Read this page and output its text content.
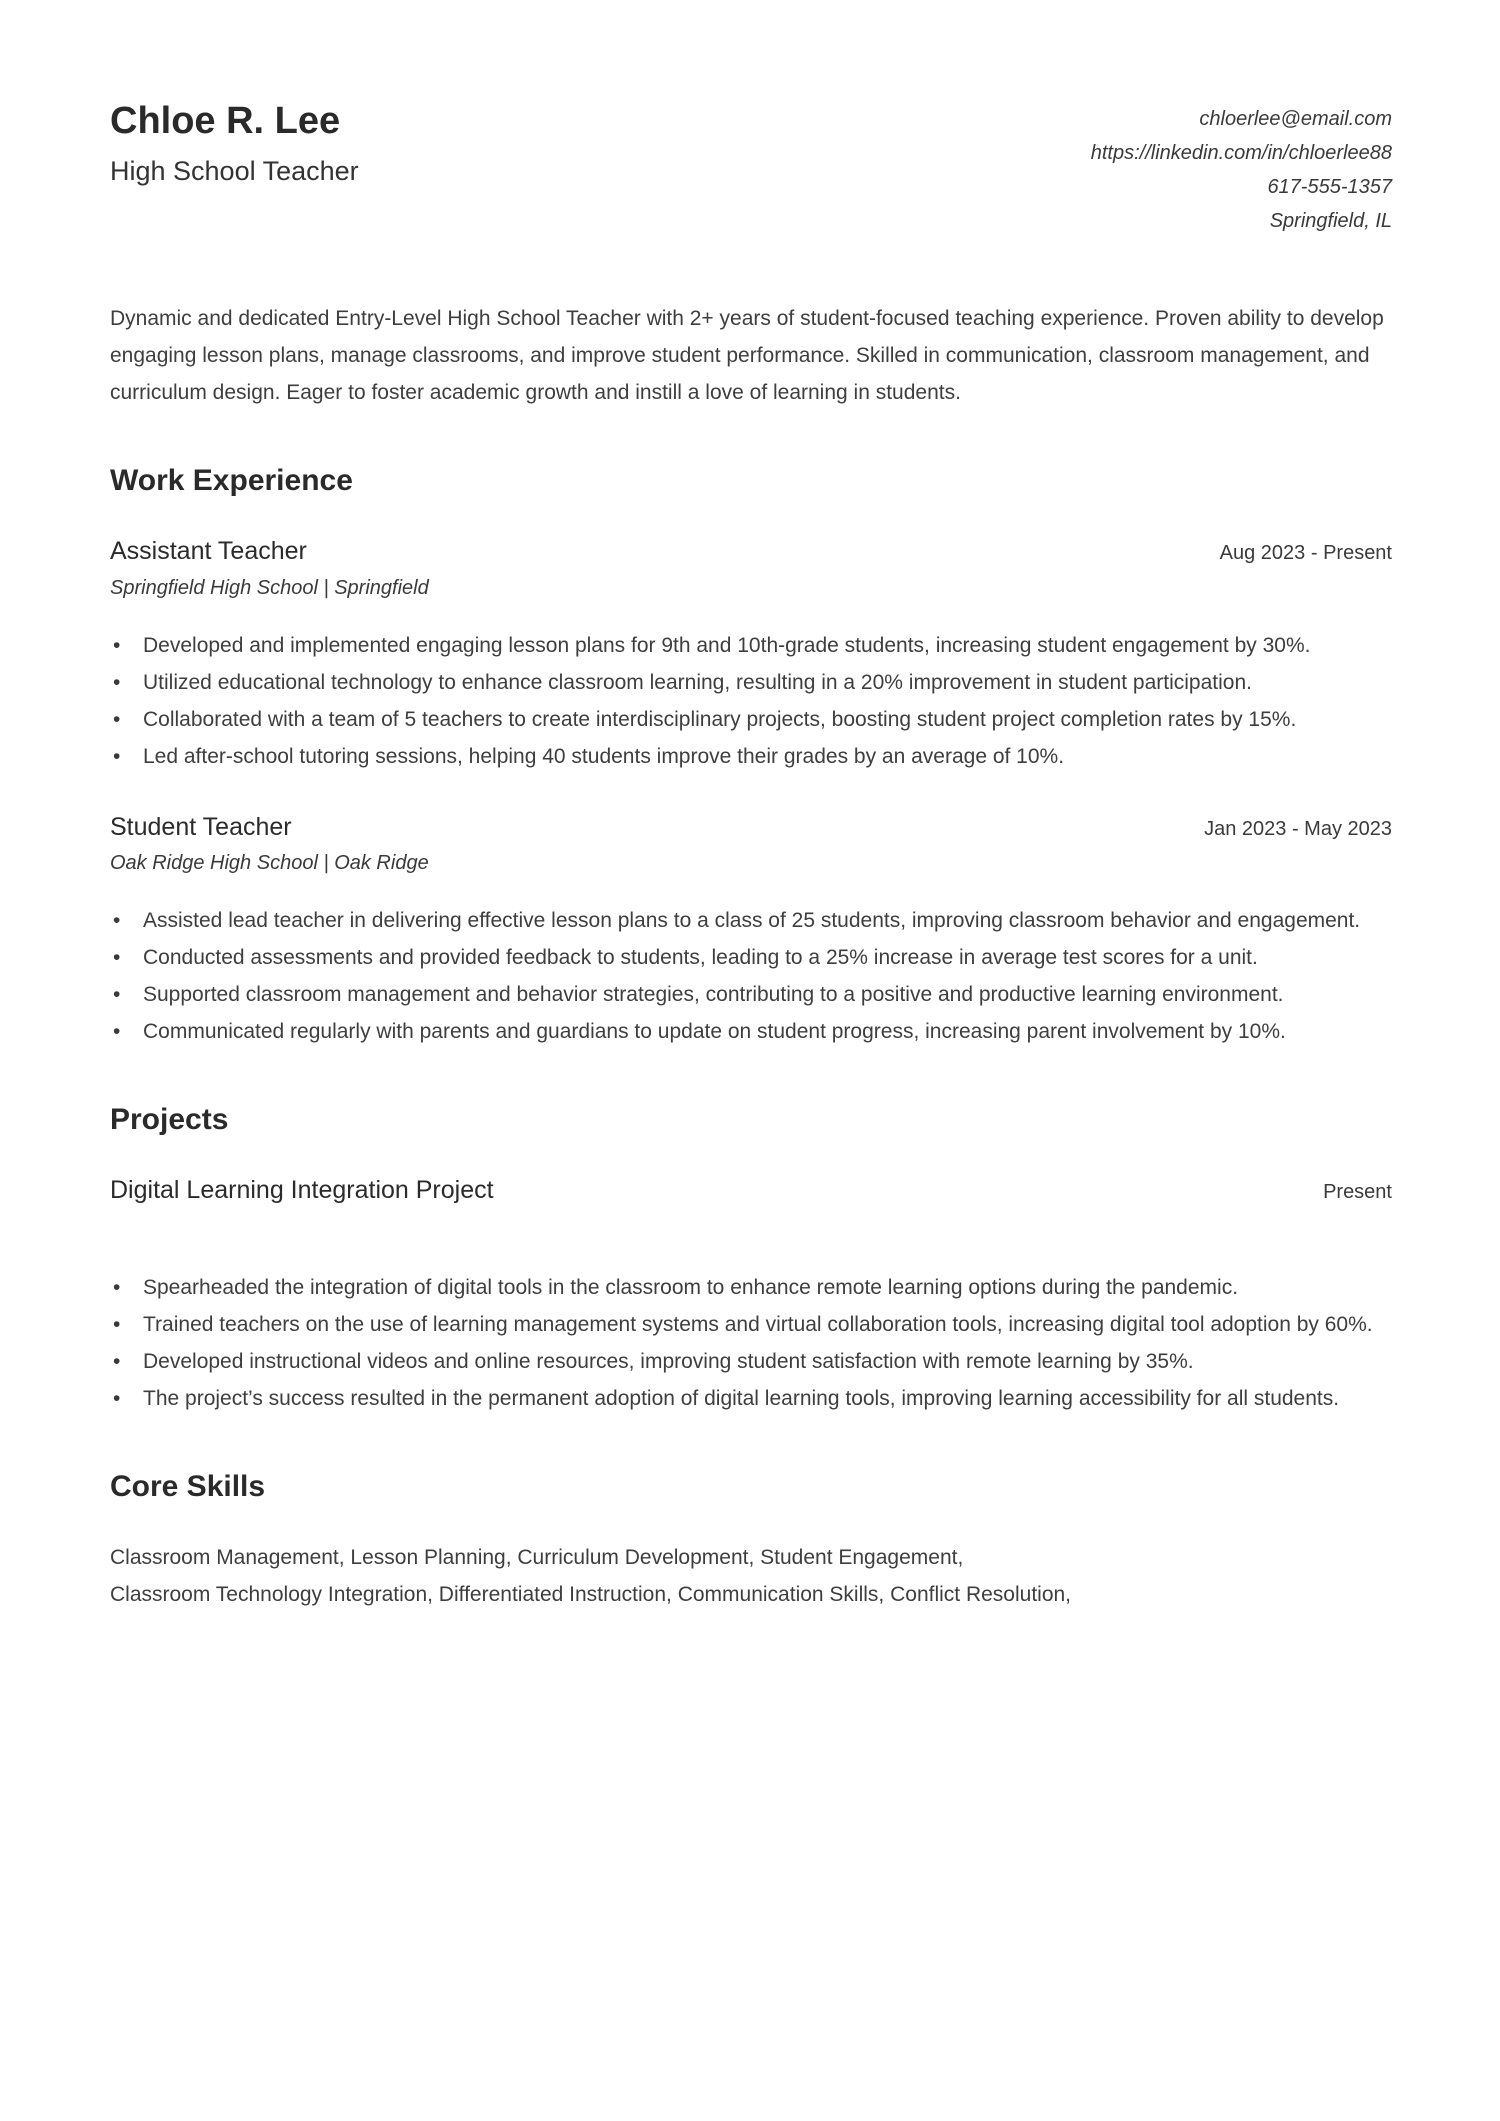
Chloe R. Lee
High School Teacher
chloerlee@email.com
https://linkedin.com/in/chloerlee88
617-555-1357
Springfield, IL
Dynamic and dedicated Entry-Level High School Teacher with 2+ years of student-focused teaching experience. Proven ability to develop engaging lesson plans, manage classrooms, and improve student performance. Skilled in communication, classroom management, and curriculum design. Eager to foster academic growth and instill a love of learning in students.
Work Experience
Assistant Teacher	Aug 2023 - Present
Springfield High School | Springfield
• Developed and implemented engaging lesson plans for 9th and 10th-grade students, increasing student engagement by 30%.
• Utilized educational technology to enhance classroom learning, resulting in a 20% improvement in student participation.
• Collaborated with a team of 5 teachers to create interdisciplinary projects, boosting student project completion rates by 15%.
• Led after-school tutoring sessions, helping 40 students improve their grades by an average of 10%.
Student Teacher	Jan 2023 - May 2023
Oak Ridge High School | Oak Ridge
• Assisted lead teacher in delivering effective lesson plans to a class of 25 students, improving classroom behavior and engagement.
• Conducted assessments and provided feedback to students, leading to a 25% increase in average test scores for a unit.
• Supported classroom management and behavior strategies, contributing to a positive and productive learning environment.
• Communicated regularly with parents and guardians to update on student progress, increasing parent involvement by 10%.
Projects
Digital Learning Integration Project	Present
• Spearheaded the integration of digital tools in the classroom to enhance remote learning options during the pandemic.
• Trained teachers on the use of learning management systems and virtual collaboration tools, increasing digital tool adoption by 60%.
• Developed instructional videos and online resources, improving student satisfaction with remote learning by 35%.
• The project’s success resulted in the permanent adoption of digital learning tools, improving learning accessibility for all students.
Core Skills
Classroom Management, Lesson Planning, Curriculum Development, Student Engagement,
Classroom Technology Integration, Differentiated Instruction, Communication Skills, Conflict Resolution,
